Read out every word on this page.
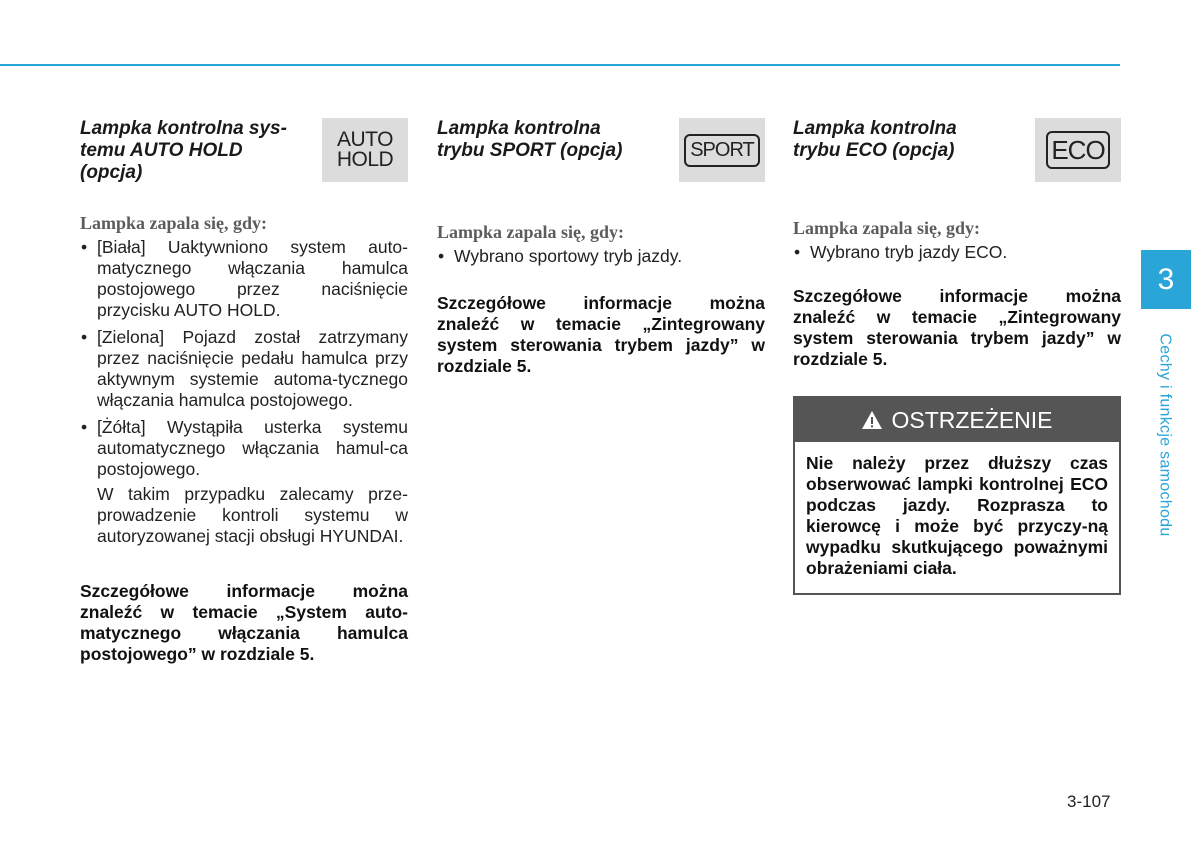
Lampka kontrolna sys-
temu AUTO HOLD
(opcja)
AUTO
HOLD
Lampka zapala się, gdy:
• [Biała] Uaktywniono system auto-matycznego włączania hamulca postojowego przez naciśnięcie przycisku AUTO HOLD.
• [Zielona] Pojazd został zatrzymany przez naciśnięcie pedału hamulca przy aktywnym systemie automa-tycznego włączania hamulca postojowego.
• [Żółta] Wystąpiła usterka systemu automatycznego włączania hamul-ca postojowego.
W takim przypadku zalecamy prze-prowadzenie kontroli systemu w autoryzowanej stacji obsługi HYUNDAI.
Szczegółowe informacje można znaleźć w temacie „System auto-matycznego włączania hamulca postojowego” w rozdziale 5.
Lampka kontrolna
trybu SPORT (opcja)	SPORT
Lampka zapala się, gdy:
• Wybrano sportowy tryb jazdy.
Szczegółowe informacje można znaleźć w temacie „Zintegrowany system sterowania trybem jazdy” w rozdziale 5.
Lampka kontrolna
trybu ECO (opcja)	ECO
Lampka zapala się, gdy:
• Wybrano tryb jazdy ECO.
Szczegółowe informacje można znaleźć w temacie „Zintegrowany system sterowania trybem jazdy” w rozdziale 5.
OSTRZEŻENIE
Nie należy przez dłuższy czas obserwować lampki kontrolnej ECO podczas jazdy. Rozprasza to kierowcę i może być przyczy-ną wypadku skutkującego poważnymi obrażeniami ciała.
3
Cechy i funkcje samochodu
3-107
